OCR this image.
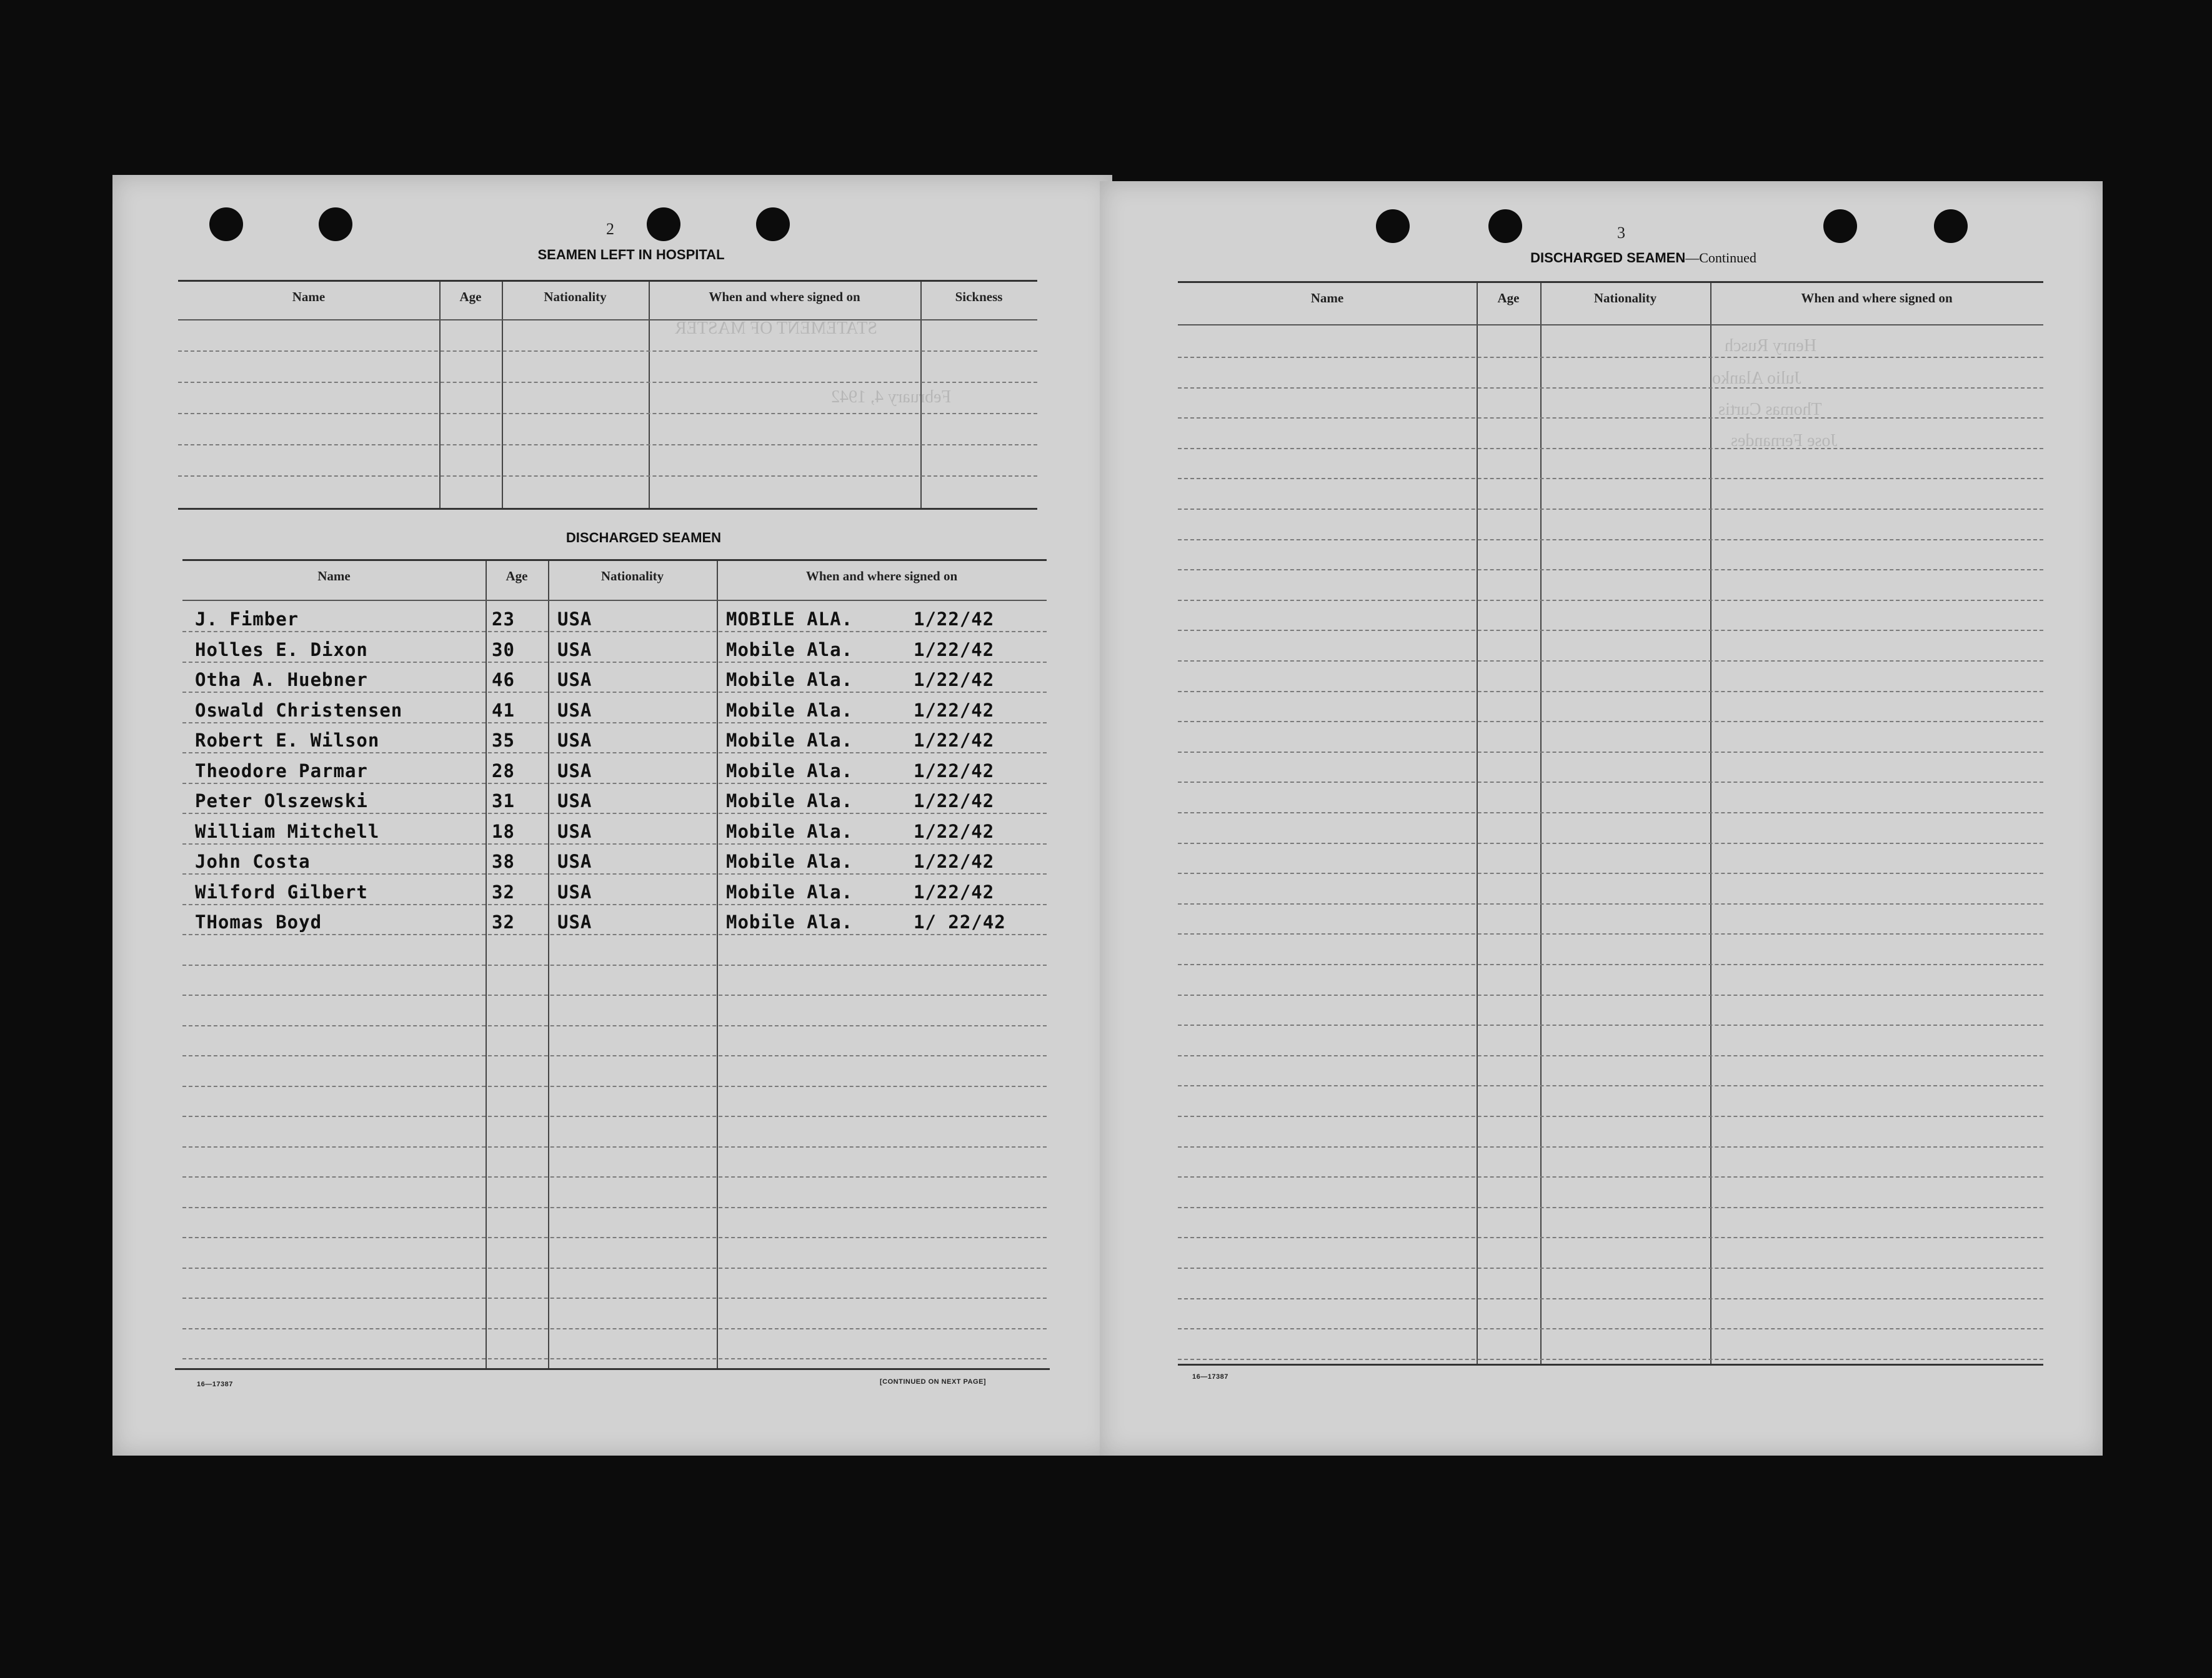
STATEMENT OF MASTER
February 4, 1942
2
SEAMEN LEFT IN HOSPITAL
Name	Age	Nationality	When and where signed on	Sickness
DISCHARGED SEAMEN
Name	Age	Nationality	When and where signed on
J. Fimber	23 USA	MOBILE ALA.	1/22/42
Holles E. Dixon	30 USA	Mobile Ala.	1/22/42
Otha A. Huebner	46 USA	Mobile Ala.	1/22/42
Oswald Christensen	41 USA	Mobile Ala.	1/22/42
Robert E. Wilson	35 USA	Mobile Ala.	1/22/42
Theodore Parmar	28 USA	Mobile Ala.	1/22/42
Peter Olszewski	31 USA	Mobile Ala.	1/22/42
William Mitchell	18 USA	Mobile Ala.	1/22/42
John Costa	38 USA	Mobile Ala.	1/22/42
Wilford Gilbert	32 USA	Mobile Ala.	1/22/42
THomas Boyd	32 USA	Mobile Ala.	1/ 22/42
16—17387	[CONTINUED ON NEXT PAGE]
Henry Rusch
Julio Alanko
Thomas Curtis
Jose Fernandes
3
DISCHARGED SEAMEN—Continued
Name	Age	Nationality	When and where signed on
16—17387
